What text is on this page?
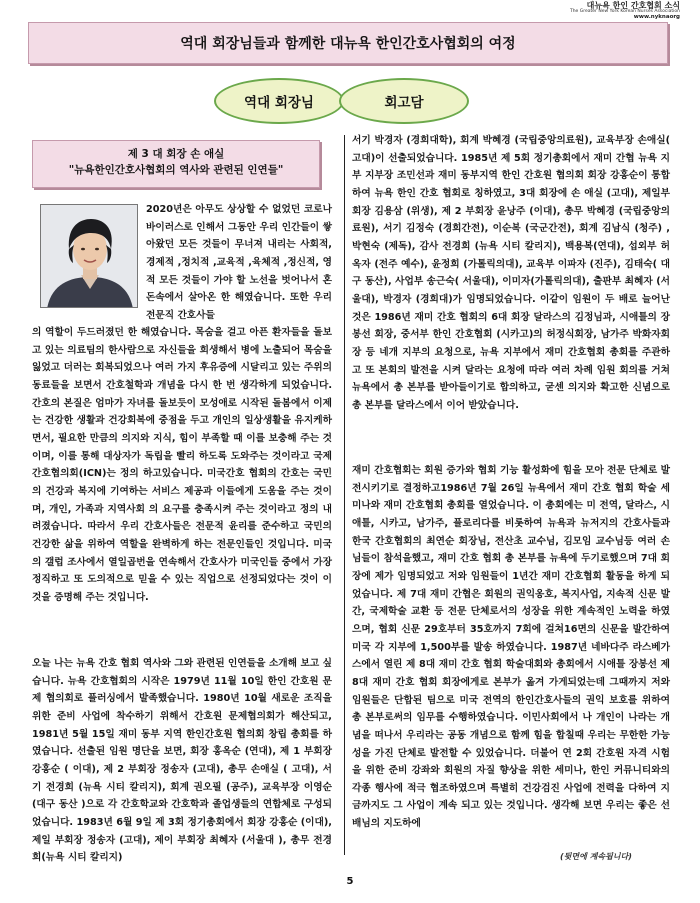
대뉴욕 한인 간호협회 소식
The Greater New York Korean Nurses Association
www.nyknaorg
역대 회장님들과 함께한 대뉴욕 한인간호사협회의 여정
역대 회장님	회고담
제 3 대 회장 손 애실
"뉴욕한인간호사협회의 역사와 관련된 인연들"

2020년은 아무도 상상할 수 없었던 코로나 바이러스로 인해서 그동안 우리 인간들이 쌓아왔던 모든 것들이 무너져 내리는 사회적, 경제적 ,정치적 ,교육적 ,육체적 ,정신적, 영적 모든 것들이 가야 할 노선을 벗어나서 혼돈속에서 살아온 한 해였습니다. 또한 우리 전문직 간호사들

의 역할이 두드러졌던 한 해였습니다. 목숨을 걸고 아픈 환자들을 돌보고 있는 의료팀의 한사람으로 자신들을 희생해서 병에 노출되어 목숨을 잃었고 더러는 회복되었으나 여러 가지 후유증에 시달리고 있는 주위의 동료들을 보면서 간호철학과 개념을 다시 한 번 생각하게 되었습니다. 간호의 본질은 엄마가 자녀를 돌보듯이 모성애로 시작된 돌봄에서 이제는 건강한 생활과 건강회복에 중점을 두고 개인의 일상생활을 유지케하면서, 필요한 만큼의 의지와 지식, 힘이 부족할 때 이를 보충해 주는 것이며, 이를 통해 대상자가 독립을 빨리 하도록 도와주는 것이라고 국제간호협의회(ICN)는 정의 하고있습니다. 미국간호 협회의 간호는 국민의 건강과 복지에 기여하는 서비스 제공과 이들에게 도움을 주는 것이며, 개인, 가족과 지역사회 의 요구를 충족시켜 주는 것이라고 정의 내려졌습니다. 따라서 우리 간호사들은 전문적 윤리를 준수하고 국민의 건강한 삶을 위하여 역할을 완벽하게 하는 전문인들인 것입니다. 미국의 갤럽 조사에서 열일곱번을 연속해서 간호사가 미국인들 중에서 가장 정직하고 또 도의적으로 믿을 수 있는 직업으로 선정되었다는 것이 이것을 증명해 주는 것입니다.

오늘 나는 뉴욕 간호 협회 역사와 그와 관련된 인연들을 소개해 보고 싶습니다. 뉴욕 간호협회의 시작은 1979년 11월 10일 한인 간호원 문제 협의회로 플러싱에서 발족했습니다. 1980년 10월 새로운 조직을 위한 준비 사업에 착수하기 위해서 간호원 문제협의회가 해산되고, 1981년 5월 15일 재미 동부 지역 한인간호원 협의회 창립 총회를 하였습니다. 선출된 임원 명단을 보면, 회장 홍옥순 (연대), 제 1 부회장 강홍순 ( 이대), 제 2 부회장 정송자 (고대), 총무 손애실 ( 고대), 서기 전경희 (뉴욕 시티 칼리지), 회계 권오필 (공주), 교육부장 이영순 (대구 동산 )으로 각 간호학교와 간호학과 졸업생들의 연합체로 구성되었습니다. 1983년 6월 9일 제 3회 정기총회에서 회장 강홍순 (이대), 제일 부회장 정송자 (고대), 제이 부회장 최혜자 (서울대 ), 총무 전경희(뉴욕 시티 칼리지)

서기 박경자 (경희대학), 회계 박혜경 (국립중앙의료원), 교육부장 손애실( 고대)이 선출되었습니다. 1985년 제 5회 정기총회에서 재미 간협 뉴욕 지부 지부장 조민선과 재미 동부지역 한인 간호원 협의회 회장 강홍순이 통합하여 뉴욕 한인 간호 협회로 칭하였고, 3대 회장에 손 애실 (고대), 제일부회장 김용삼 (위생), 제 2 부회장 윤낭주 (이대), 총무 박혜경 (국립중앙의료원), 서기 김정숙 (경희간전), 이순복 (국군간전), 회계 김남식 (청주) ,박현숙 (제독), 감사 전경희 (뉴욕 시티 칼리지), 백용복(연대), 섭외부 허옥자 (전주 예수), 윤정희 (가톨릭의대), 교육부 이파자 (진주), 김태숙( 대구 동산), 사업부 송근숙( 서울대), 이미자(가톨릭의대), 출판부 최혜자 (서울대), 박경자 (경희대)가 임명되었습니다. 이같이 임원이 두 배로 늘어난 것은 1986년 재미 간호 협회의 6대 회장 달라스의 김정님과, 시애틀의 장봉선 회장, 중서부 한인 간호협회 (시카고)의 허정식회장, 남가주 박화자회장 등 네개 지부의 요청으로, 뉴욕 지부에서 재미 간호협회 총회를 주관하고 또 본회의 발전을 시켜 달라는 요청에 따라 여러 차례 임원 회의를 거쳐 뉴욕에서 총 본부를 받아들이기로 합의하고, 굳센 의지와 확고한 신념으로 총 본부를 달라스에서 이어 받았습니다.

재미 간호협회는 회원 증가와 협회 기능 활성화에 힘을 모아 전문 단체로 발전시키기로 결정하고1986년 7월 26일 뉴욕에서 재미 간호 협회 학술 세미나와 재미 간호협회 총회를 열었습니다. 이 총회에는 미 전역, 달라스, 시애틀, 시카고, 남가주, 플로리다를 비롯하여 뉴욕과 뉴저지의 간호사들과 한국 간호협회의 최연순 회장님, 전산초 교수님, 김모임 교수님등 여러 손님들이 참석을했고, 재미 간호 협회 총 본부를 뉴욕에 두기로했으며 7대 회장에 제가 임명되었고 저와 임원들이 1년간 재미 간호협회 활동을 하게 되었습니다. 제 7대 재미 간협은 회원의 권익옹호, 복지사업, 지속적 신문 발간, 국제학술 교환 등 전문 단체로서의 성장을 위한 계속적인 노력을 하였으며, 협회 신문 29호부터 35호까지 7회에 걸쳐16면의 신문을 발간하여 미국 각 지부에 1,500부를 발송 하였습니다. 1987년 네바다주 라스베가스에서 열린 제 8대 재미 간호 협회 학술대회와 총회에서 시애틀 장봉선 제 8대 재미 간호 협회 회장에게로 본부가 옮겨 가게되었는데 그때까지 저와 임원들은 단합된 팀으로 미국 전역의 한인간호사들의 권익 보호를 위하여 총 본부로써의 임무를 수행하였습니다. 이민사회에서 나 개인이 나라는 개념을 떠나서 우리라는 공동 개념으로 함께 힘을 합칠때 우리는 무한한 가능성을 가진 단체로 발전할 수 있었습니다. 더불어 연 2회 간호원 자격 시험을 위한 준비 강좌와 회원의 자질 향상을 위한 세미나, 한인 커뮤니티와의 각종 행사에 적극 협조하였으며 특별히 건강검진 사업에 전력을 다하여 지금까지도 그 사업이 계속 되고 있는 것입니다. 생각해 보면 우리는 좋은 선배님의 지도하에

(뒷면에 계속됩니다)
5
